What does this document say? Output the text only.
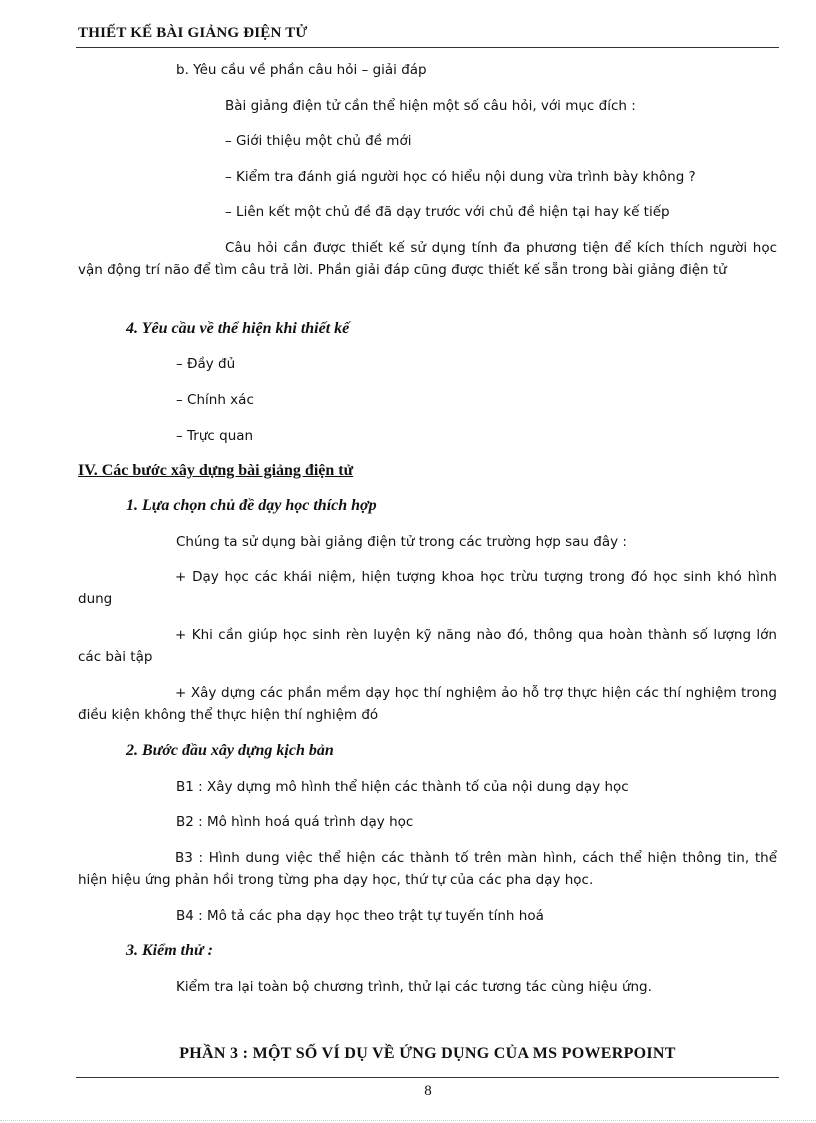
THIẾT KẾ BÀI GIẢNG ĐIỆN TỬ
b. Yêu cầu về phần câu hỏi – giải đáp
Bài giảng điện tử cần thể hiện một số câu hỏi, với mục đích :
– Giới thiệu một chủ đề mới
– Kiểm tra đánh giá người học có hiểu nội dung vừa trình bày không ?
– Liên kết một chủ đề đã dạy trước với chủ đề hiện tại hay kế tiếp
Câu hỏi cần được thiết kế sử dụng tính đa phương tiện để kích thích người học vận động trí não để tìm câu trả lời. Phần giải đáp cũng được thiết kế sẵn trong bài giảng điện tử
4. Yêu cầu về thể hiện khi thiết kế
– Đầy đủ
– Chính xác
– Trực quan
IV. Các bước xây dựng bài giảng điện tử
1. Lựa chọn chủ đề dạy học thích hợp
Chúng ta sử dụng bài giảng điện tử trong các trường hợp sau đây :
+ Dạy học các khái niệm, hiện tượng khoa học trừu tượng trong đó học sinh khó hình dung
+ Khi cần giúp học sinh rèn luyện kỹ năng nào đó, thông qua hoàn thành số lượng lớn các bài tập
+ Xây dựng các phần mềm dạy học thí nghiệm ảo hỗ trợ thực hiện các thí nghiệm trong điều kiện không thể thực hiện thí nghiệm đó
2. Bước đầu xây dựng kịch bản
B1 : Xây dựng mô hình thể hiện các thành tố của nội dung dạy học
B2 : Mô hình hoá quá trình dạy học
B3 : Hình dung việc thể hiện các thành tố trên màn hình, cách thể hiện thông tin, thể hiện hiệu ứng phản hồi trong từng pha dạy học, thứ tự của các pha dạy học.
B4 : Mô tả các pha dạy học theo trật tự tuyến tính hoá
3. Kiểm thử :
Kiểm tra lại toàn bộ chương trình, thử lại các tương tác cùng hiệu ứng.
PHẦN 3 : MỘT SỐ VÍ DỤ VỀ ỨNG DỤNG CỦA MS POWERPOINT
8
